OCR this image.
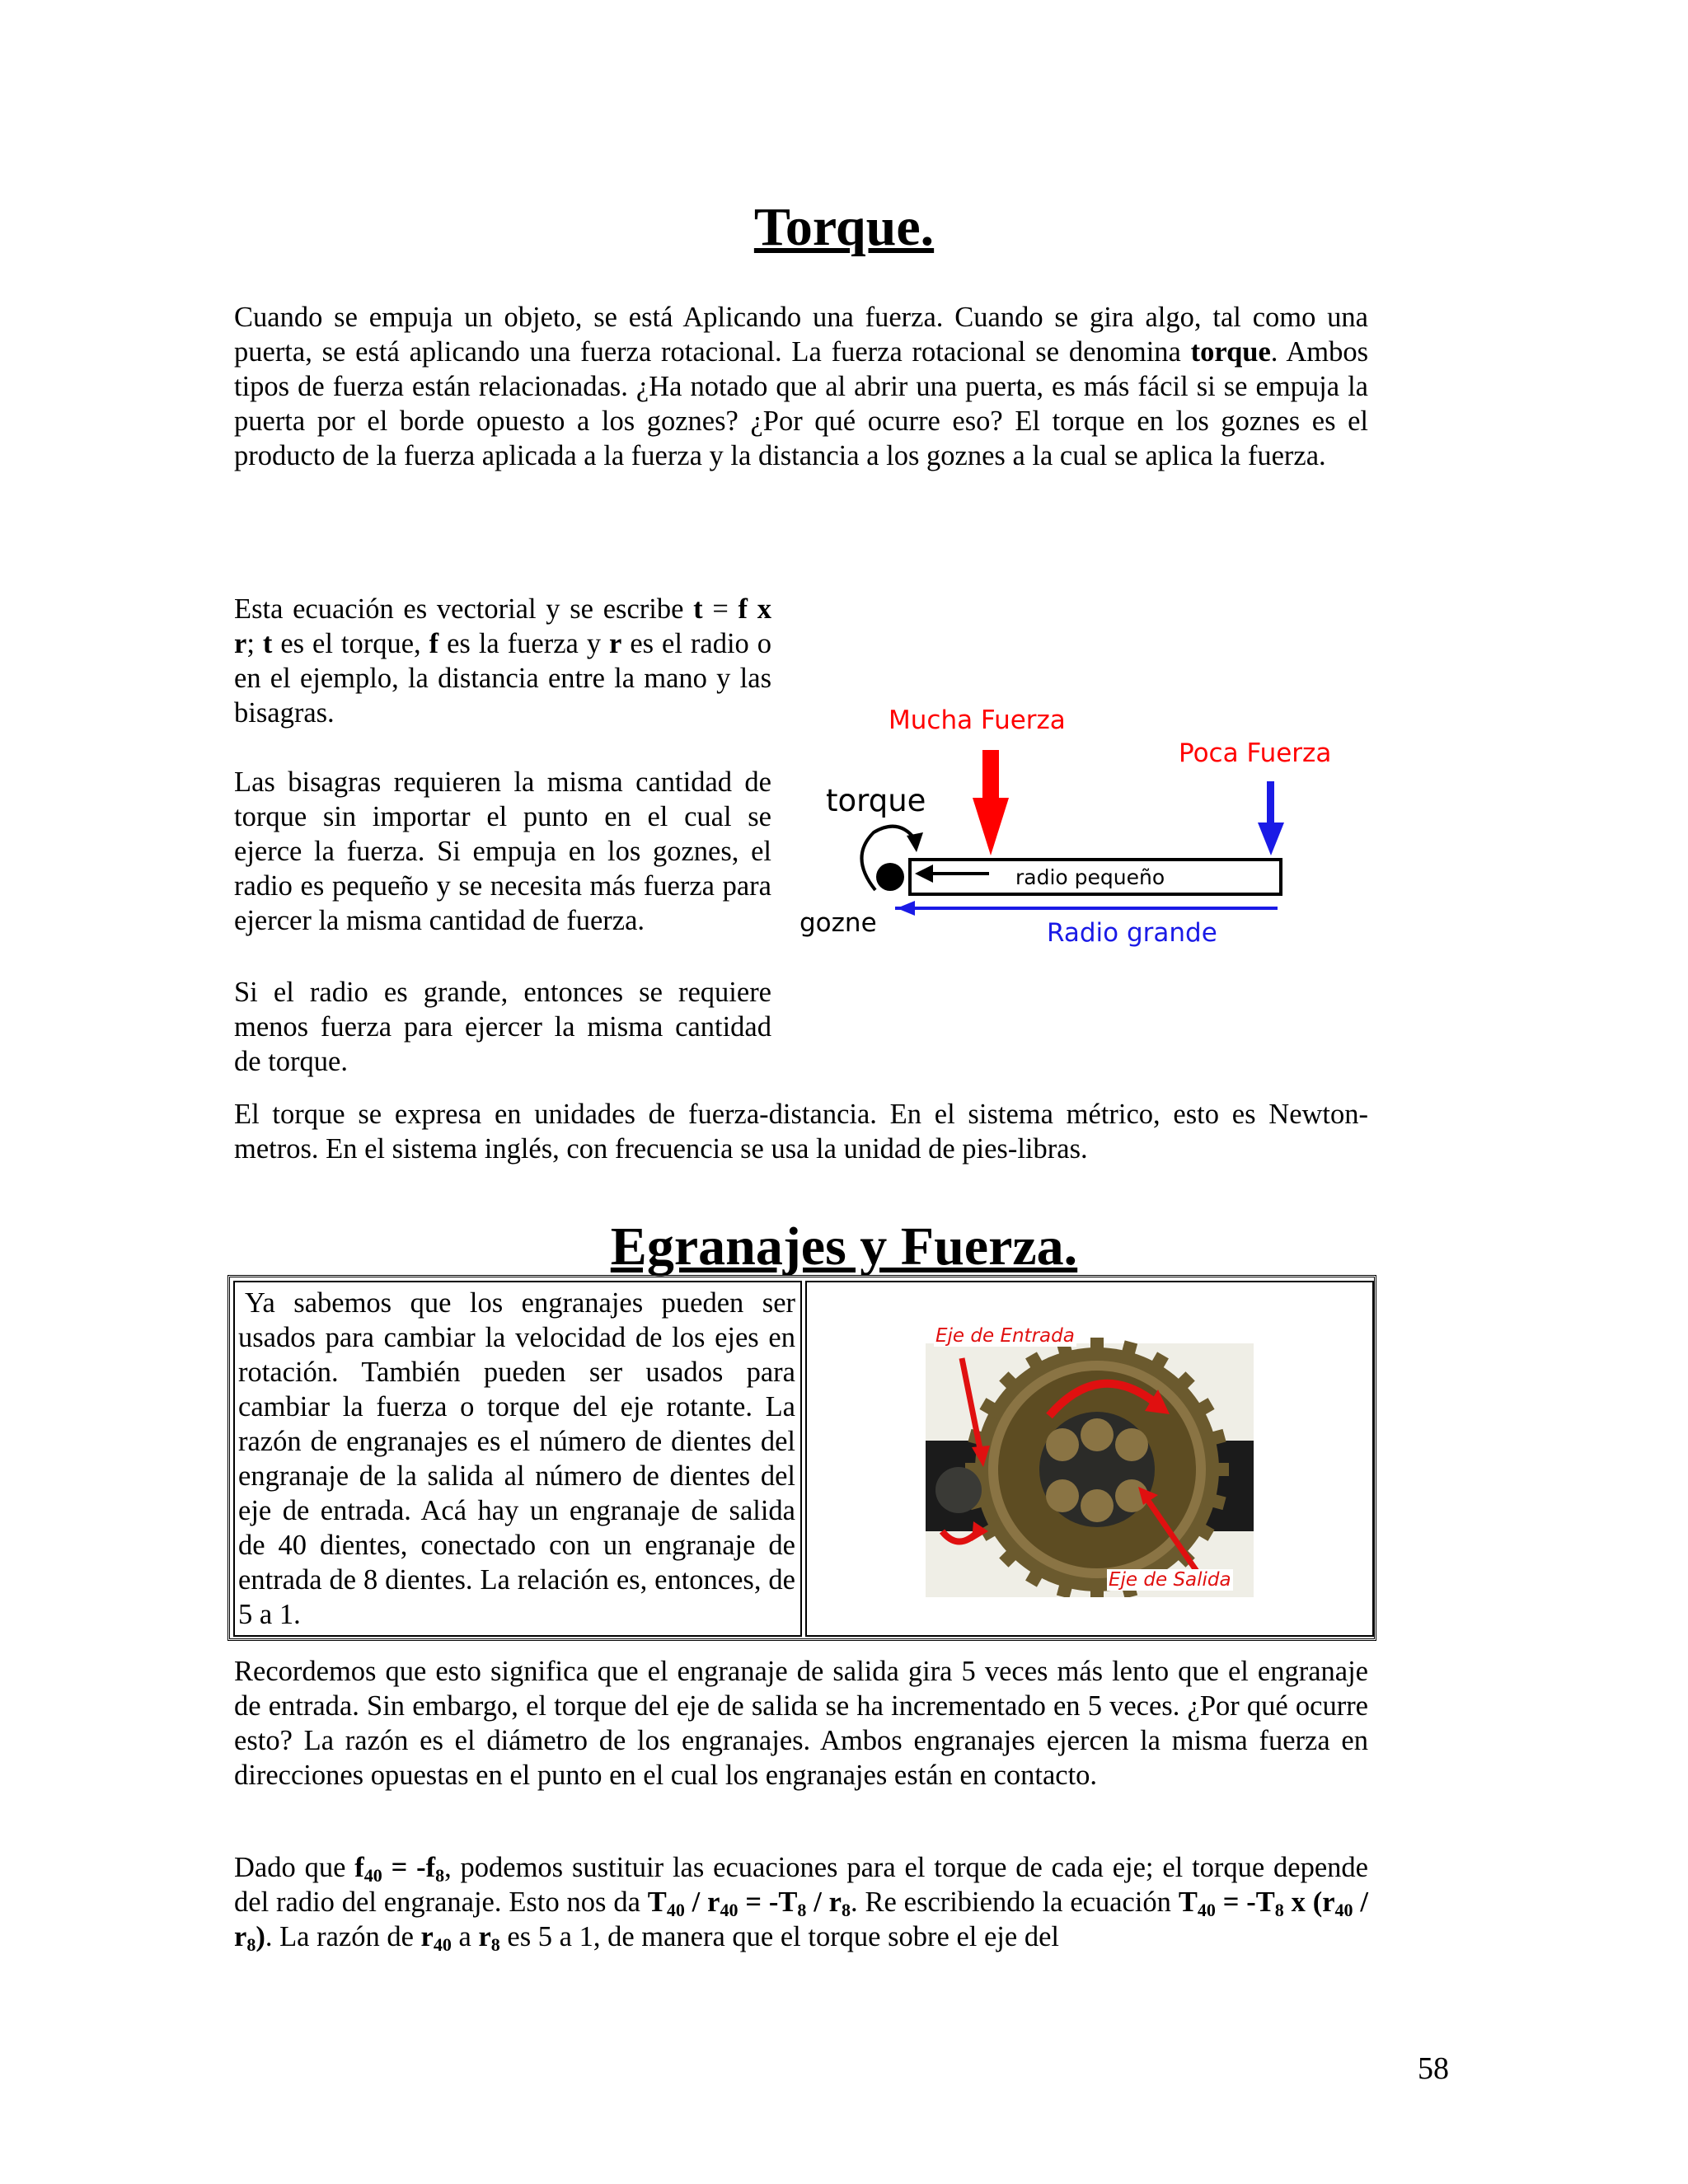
Torque.
Cuando se empuja un objeto, se está Aplicando una fuerza. Cuando se gira algo, tal como una puerta, se está aplicando una fuerza rotacional. La fuerza rotacional se denomina torque. Ambos tipos de fuerza están relacionadas. ¿Ha notado que al abrir una puerta, es más fácil si se empuja la puerta por el borde opuesto a los goznes? ¿Por qué ocurre eso? El torque en los goznes es el producto de la fuerza aplicada a la fuerza y la distancia a los goznes a la cual se aplica la fuerza.
Esta ecuación es vectorial y se escribe t = f x r; t es el torque, f es la fuerza y r es el radio o en el ejemplo, la distancia entre la mano y las bisagras.
Las bisagras requieren la misma cantidad de torque sin importar el punto en el cual se ejerce la fuerza. Si empuja en los goznes, el radio es pequeño y se necesita más fuerza para ejercer la misma cantidad de fuerza.
Si el radio es grande, entonces se requiere menos fuerza para ejercer la misma cantidad de torque.
El torque se expresa en unidades de fuerza-distancia. En el sistema métrico, esto es Newton-metros. En el sistema inglés, con frecuencia se usa la unidad de pies-libras.
Mucha Fuerza
Poca Fuerza
torque
radio pequeño
gozne	Radio grande
Egranajes y Fuerza.
Ya sabemos que los engranajes pueden ser usados para cambiar la velocidad de los ejes en rotación. También pueden ser usados para cambiar la fuerza o torque del eje rotante. La razón de engranajes es el número de dientes del engranaje de la salida al número de dientes del eje de entrada. Acá hay un engranaje de salida de 40 dientes, conectado con un engranaje de entrada de 8 dientes. La relación es, entonces, de 5 a 1.
Eje de Entrada
Eje de Salida
Recordemos que esto significa que el engranaje de salida gira 5 veces más lento que el engranaje de entrada. Sin embargo, el torque del eje de salida se ha incrementado en 5 veces. ¿Por qué ocurre esto? La razón es el diámetro de los engranajes. Ambos engranajes ejercen la misma fuerza en direcciones opuestas en el punto en el cual los engranajes están en contacto.
Dado que $f_{40} = -f_8$, podemos sustituir las ecuaciones para el torque de cada eje; el torque depende del radio del engranaje. Esto nos da $T_{40} / r_{40} = -T_8 / r_8$. Re escribiendo la ecuación $T_{40} = -T_8$ x $(r_{40} / r_8)$. La razón de $r_{40}$ a $r_8$ es 5 a 1, de manera que el torque sobre el eje del
58
